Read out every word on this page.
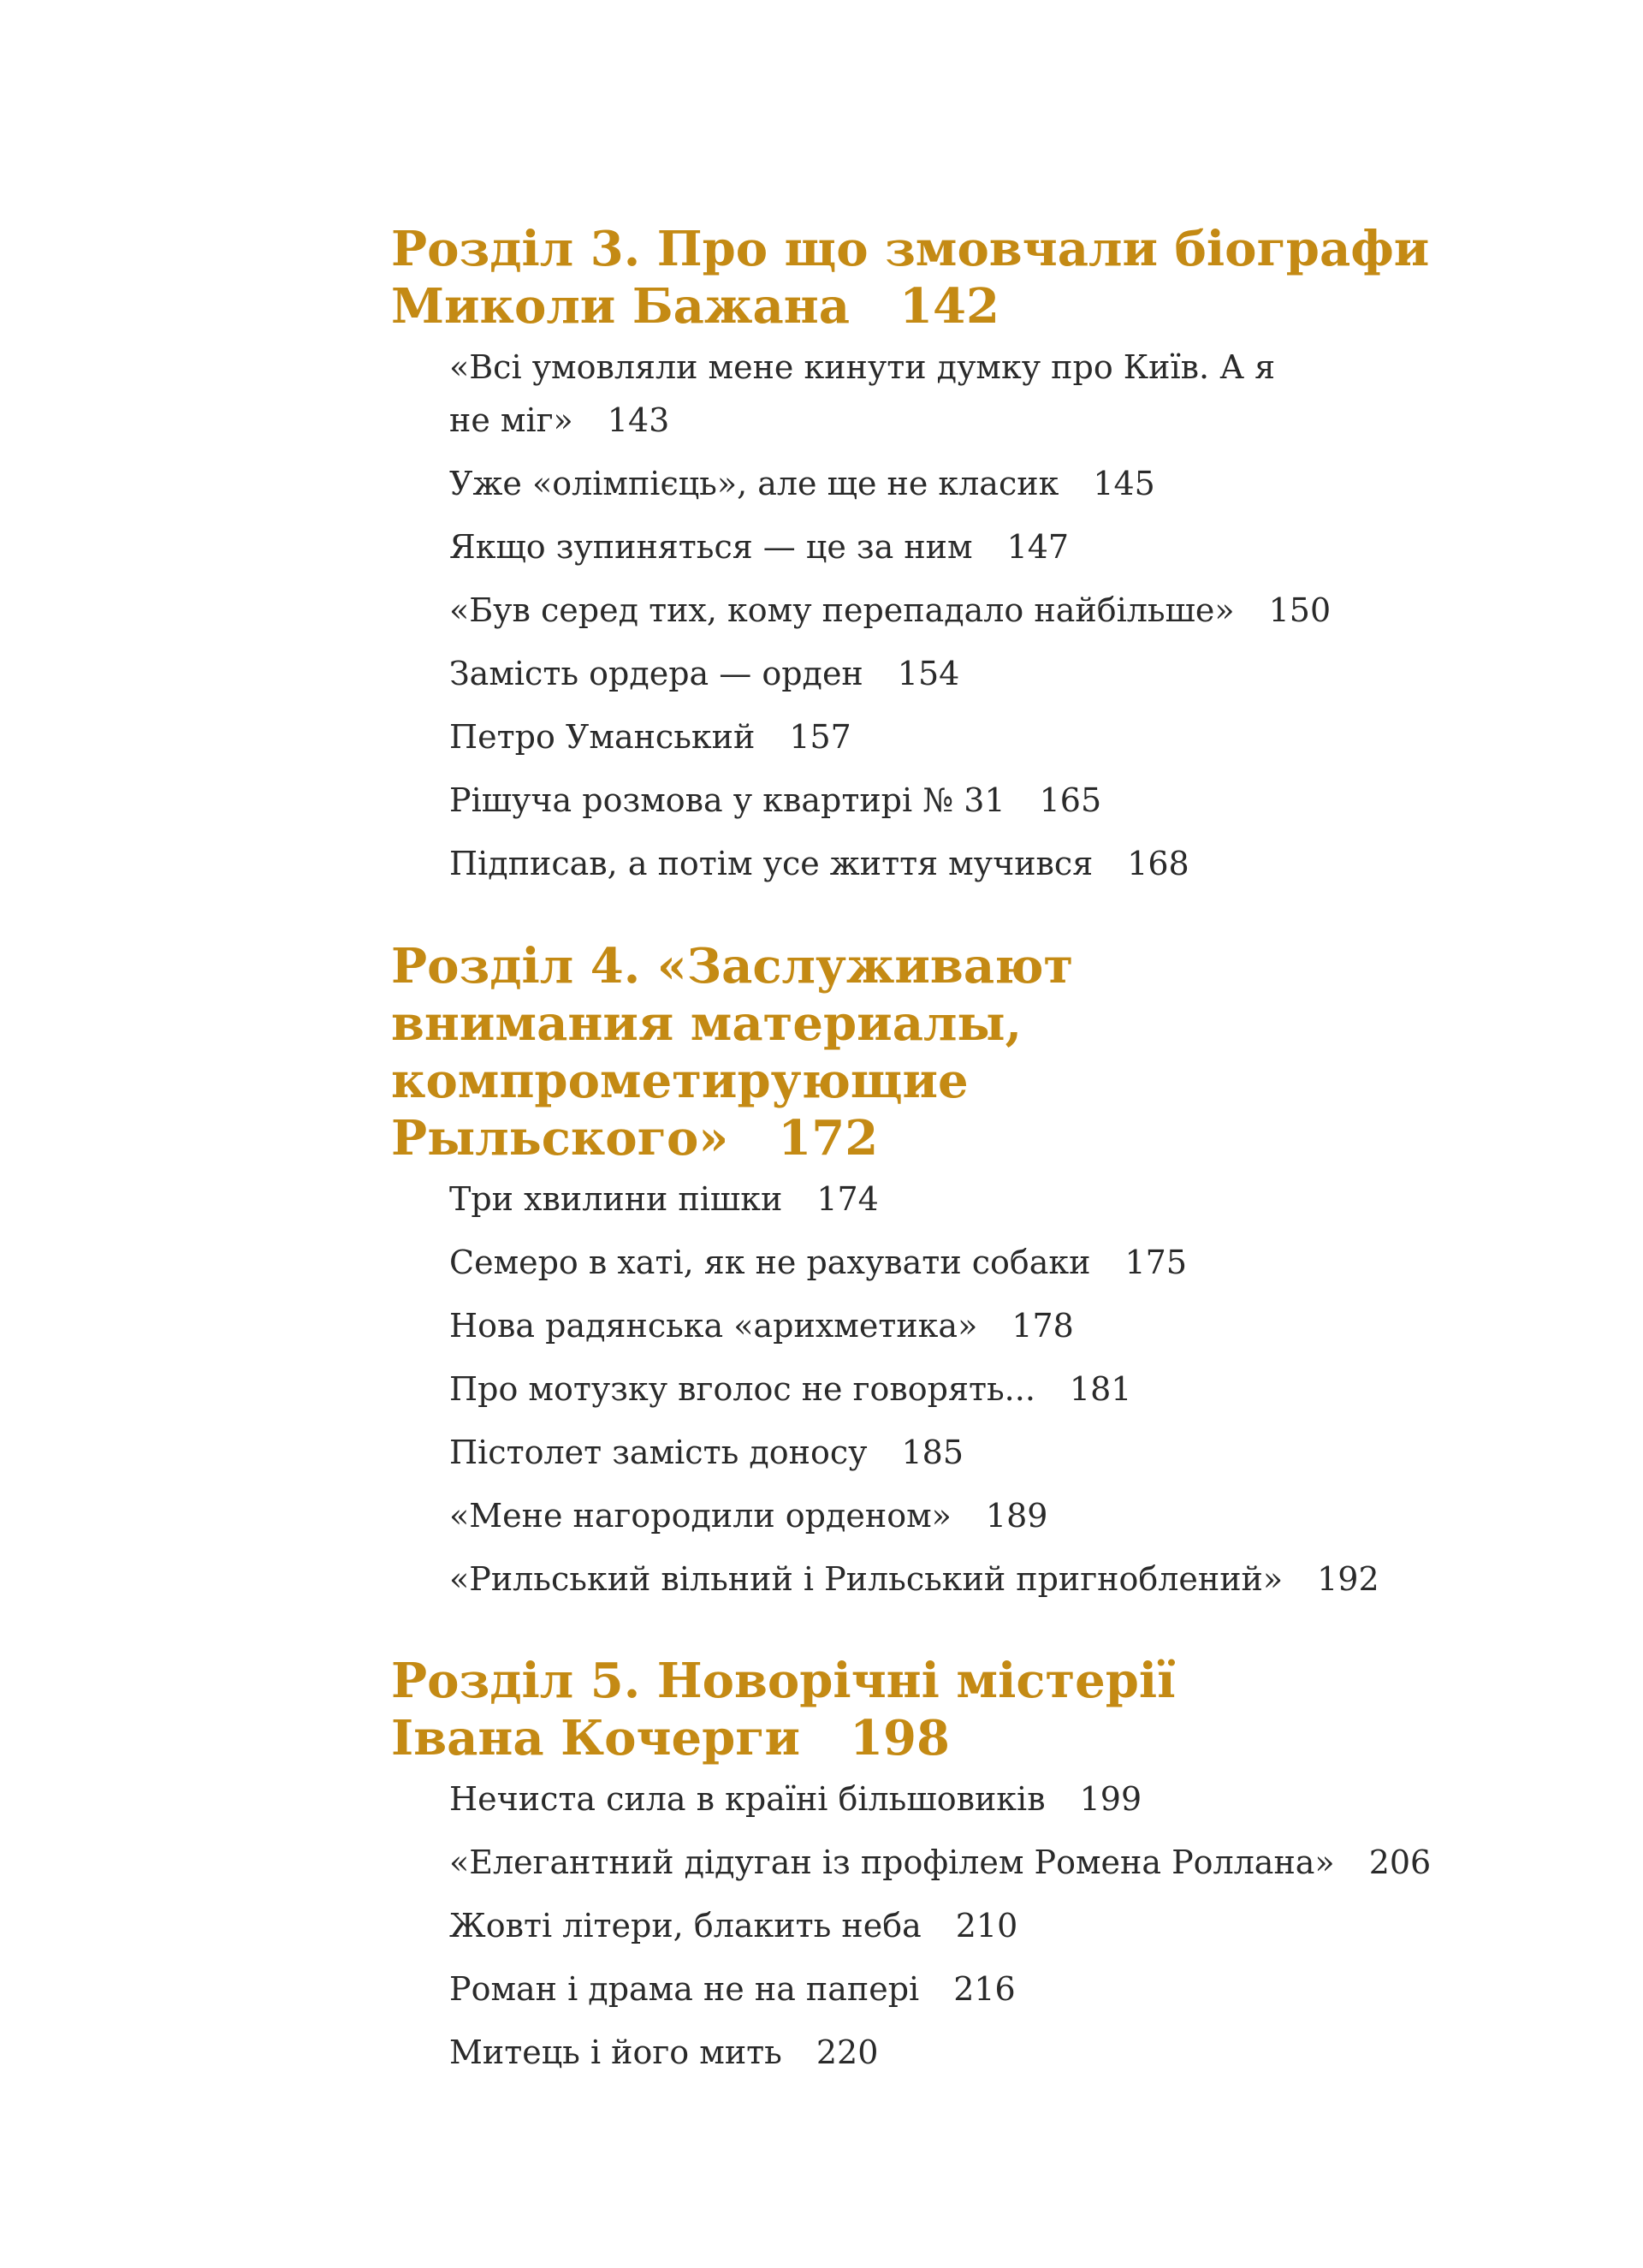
Розділ 3. Про що змовчали біографи Миколи Бажана 142
«Всі умовляли мене кинути думку про Київ. А я не міг» 143
Уже «олімпієць», але ще не класик 145
Якщо зупиняться — це за ним 147
«Був серед тих, кому перепадало найбільше» 150
Замість ордера — орден 154
Петро Уманський 157
Рішуча розмова у квартирі № 31 165
Підписав, а потім усе життя мучився 168
Розділ 4. «Заслуживают внимания материалы, компрометирующие Рыльского» 172
Три хвилини пішки 174
Семеро в хаті, як не рахувати собаки 175
Нова радянська «арихметика» 178
Про мотузку вголос не говорять... 181
Пістолет замість доносу 185
«Мене нагородили орденом» 189
«Рильський вільний і Рильський пригноблений» 192
Розділ 5. Новорічні містерії Івана Кочерги 198
Нечиста сила в країні більшовиків 199
«Елегантний дідуган із профілем Ромена Роллана» 206
Жовті літери, блакить неба 210
Роман і драма не на папері 216
Митець і його мить 220
